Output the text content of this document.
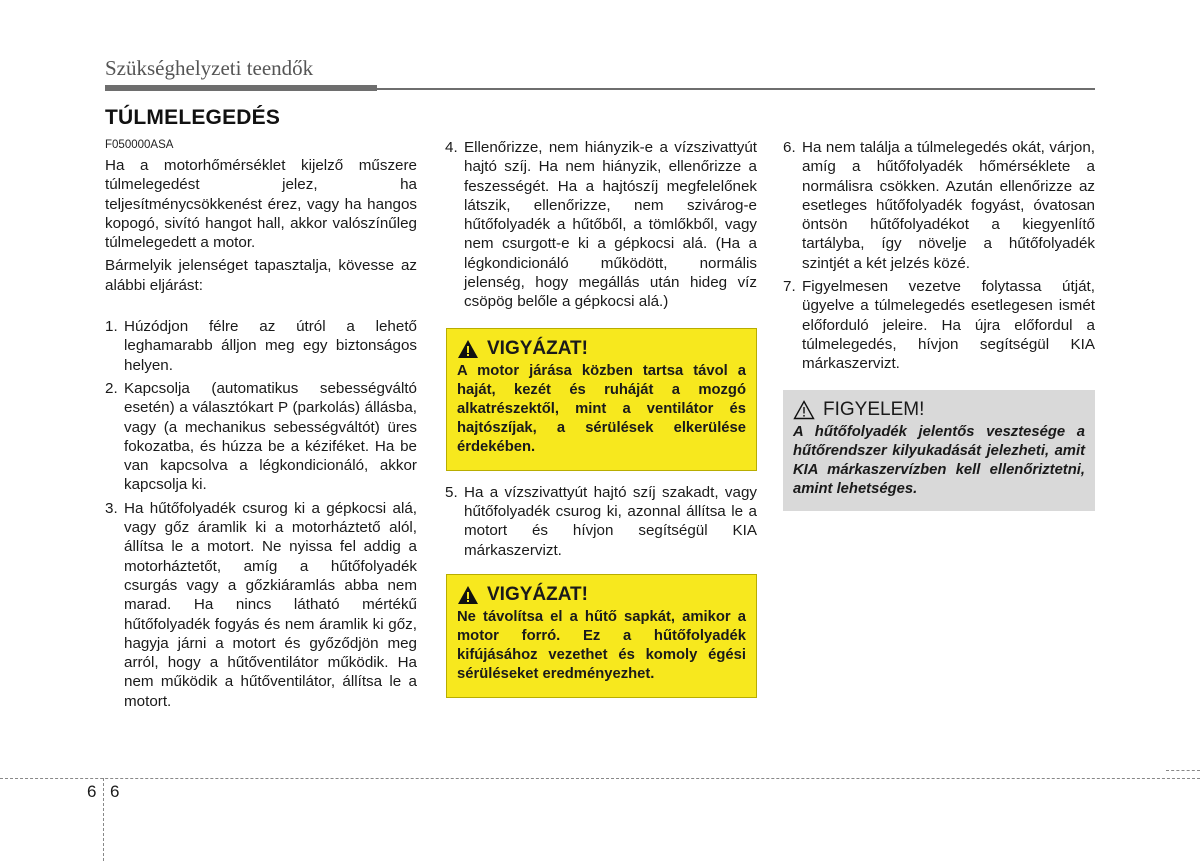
Szükséghelyzeti teendők
TÚLMELEGEDÉS
F050000ASA

Ha a motorhőmérséklet kijelző műszere túlmelegedést jelez, ha teljesítménycsökkenést érez, vagy ha hangos kopogó, sivító hangot hall, akkor valószínűleg túlmelegedett a motor.

Bármelyik jelenséget tapasztalja, kövesse az alábbi eljárást:

1. Húzódjon félre az útról a lehető leghamarabb álljon meg egy biztonságos helyen.
2. Kapcsolja (automatikus sebességváltó esetén) a választókart P (parkolás) állásba, vagy (a mechanikus sebességváltót) üres fokozatba, és húzza be a kéziféket. Ha be van kapcsolva a légkondicionáló, akkor kapcsolja ki.
3. Ha hűtőfolyadék csurog ki a gépkocsi alá, vagy gőz áramlik ki a motorháztető alól, állítsa le a motort. Ne nyissa fel addig a motorháztetőt, amíg a hűtőfolyadék csurgás vagy a gőzkiáramlás abba nem marad. Ha nincs látható mértékű hűtőfolyadék fogyás és nem áramlik ki gőz, hagyja járni a motort és győződjön meg arról, hogy a hűtőventilátor működik. Ha nem működik a hűtőventilátor, állítsa le a motort.
4. Ellenőrizze, nem hiányzik-e a vízszivattyút hajtó szíj. Ha nem hiányzik, ellenőrizze a feszességét. Ha a hajtószíj megfelelőnek látszik, ellenőrizze, nem szivárog-e hűtőfolyadék a hűtőből, a tömlőkből, vagy nem csurgott-e ki a gépkocsi alá. (Ha a légkondicionáló működött, normális jelenség, hogy megállás után hideg víz csöpög belőle a gépkocsi alá.)
VIGYÁZAT!
A motor járása közben tartsa távol a haját, kezét és ruháját a mozgó alkatrészektől, mint a ventilátor és hajtószíjak, a sérülések elkerülése érdekében.
5. Ha a vízszivattyút hajtó szíj szakadt, vagy hűtőfolyadék csurog ki, azonnal állítsa le a motort és hívjon segítségül KIA márkaszervizt.
VIGYÁZAT!
Ne távolítsa el a hűtő sapkát, amikor a motor forró. Ez a hűtőfolyadék kifújásához vezethet és komoly égési sérüléseket eredményezhet.
6. Ha nem találja a túlmelegedés okát, várjon, amíg a hűtőfolyadék hőmérséklete a normálisra csökken. Azután ellenőrizze az esetleges hűtőfolyadék fogyást, óvatosan öntsön hűtőfolyadékot a kiegyenlítő tartályba, így növelje a hűtőfolyadék szintjét a két jelzés közé.
7. Figyelmesen vezetve folytassa útját, ügyelve a túlmelegedés esetlegesen ismét előforduló jeleire. Ha újra előfordul a túlmelegedés, hívjon segítségül KIA márkaszervizt.
FIGYELEM!
A hűtőfolyadék jelentős vesztesége a hűtőrendszer kilyukadását jelezheti, amit KIA márkaszervízben kell ellenőriztetni, amint lehetséges.
6 6
